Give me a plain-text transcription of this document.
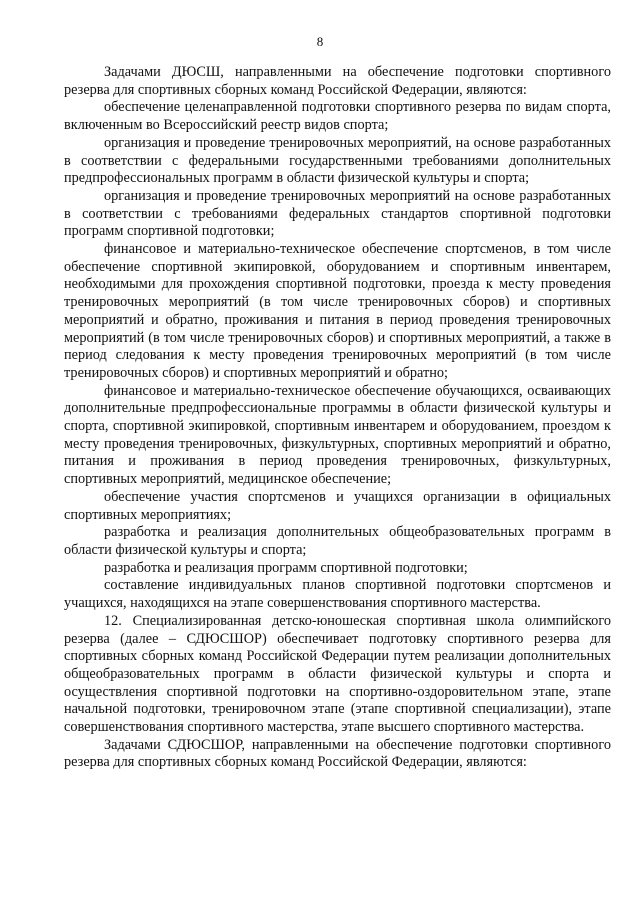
8

Задачами ДЮСШ, направленными на обеспечение подготовки спортивного резерва для спортивных сборных команд Российской Федерации, являются:

обеспечение целенаправленной подготовки спортивного резерва по видам спорта, включенным во Всероссийский реестр видов спорта;

организация и проведение тренировочных мероприятий, на основе разработанных в соответствии с федеральными государственными требованиями дополнительных предпрофессиональных программ в области физической культуры и спорта;

организация и проведение тренировочных мероприятий на основе разработанных в соответствии с требованиями федеральных стандартов спортивной подготовки программ спортивной подготовки;

финансовое и материально-техническое обеспечение спортсменов, в том числе обеспечение спортивной экипировкой, оборудованием и спортивным инвентарем, необходимыми для прохождения спортивной подготовки, проезда к месту проведения тренировочных мероприятий (в том числе тренировочных сборов) и спортивных мероприятий и обратно, проживания и питания в период проведения тренировочных мероприятий (в том числе тренировочных сборов) и спортивных мероприятий, а также в период следования к месту проведения тренировочных мероприятий (в том числе тренировочных сборов) и спортивных мероприятий и обратно;

финансовое и материально-техническое обеспечение обучающихся, осваивающих дополнительные предпрофессиональные программы в области физической культуры и спорта, спортивной экипировкой, спортивным инвентарем и оборудованием, проездом к месту проведения тренировочных, физкультурных, спортивных мероприятий и обратно, питания и проживания в период проведения тренировочных, физкультурных, спортивных мероприятий, медицинское обеспечение;

обеспечение участия спортсменов и учащихся организации в официальных спортивных мероприятиях;

разработка и реализация дополнительных общеобразовательных программ в области физической культуры и спорта;

разработка и реализация программ спортивной подготовки;

составление индивидуальных планов спортивной подготовки спортсменов и учащихся, находящихся на этапе совершенствования спортивного мастерства.

12. Специализированная детско-юношеская спортивная школа олимпийского резерва (далее – СДЮСШОР) обеспечивает подготовку спортивного резерва для спортивных сборных команд Российской Федерации путем реализации дополнительных общеобразовательных программ в области физической культуры и спорта и осуществления спортивной подготовки на спортивно-оздоровительном этапе, этапе начальной подготовки, тренировочном этапе (этапе спортивной специализации), этапе совершенствования спортивного мастерства, этапе высшего спортивного мастерства.

Задачами СДЮСШОР, направленными на обеспечение подготовки спортивного резерва для спортивных сборных команд Российской Федерации, являются:
